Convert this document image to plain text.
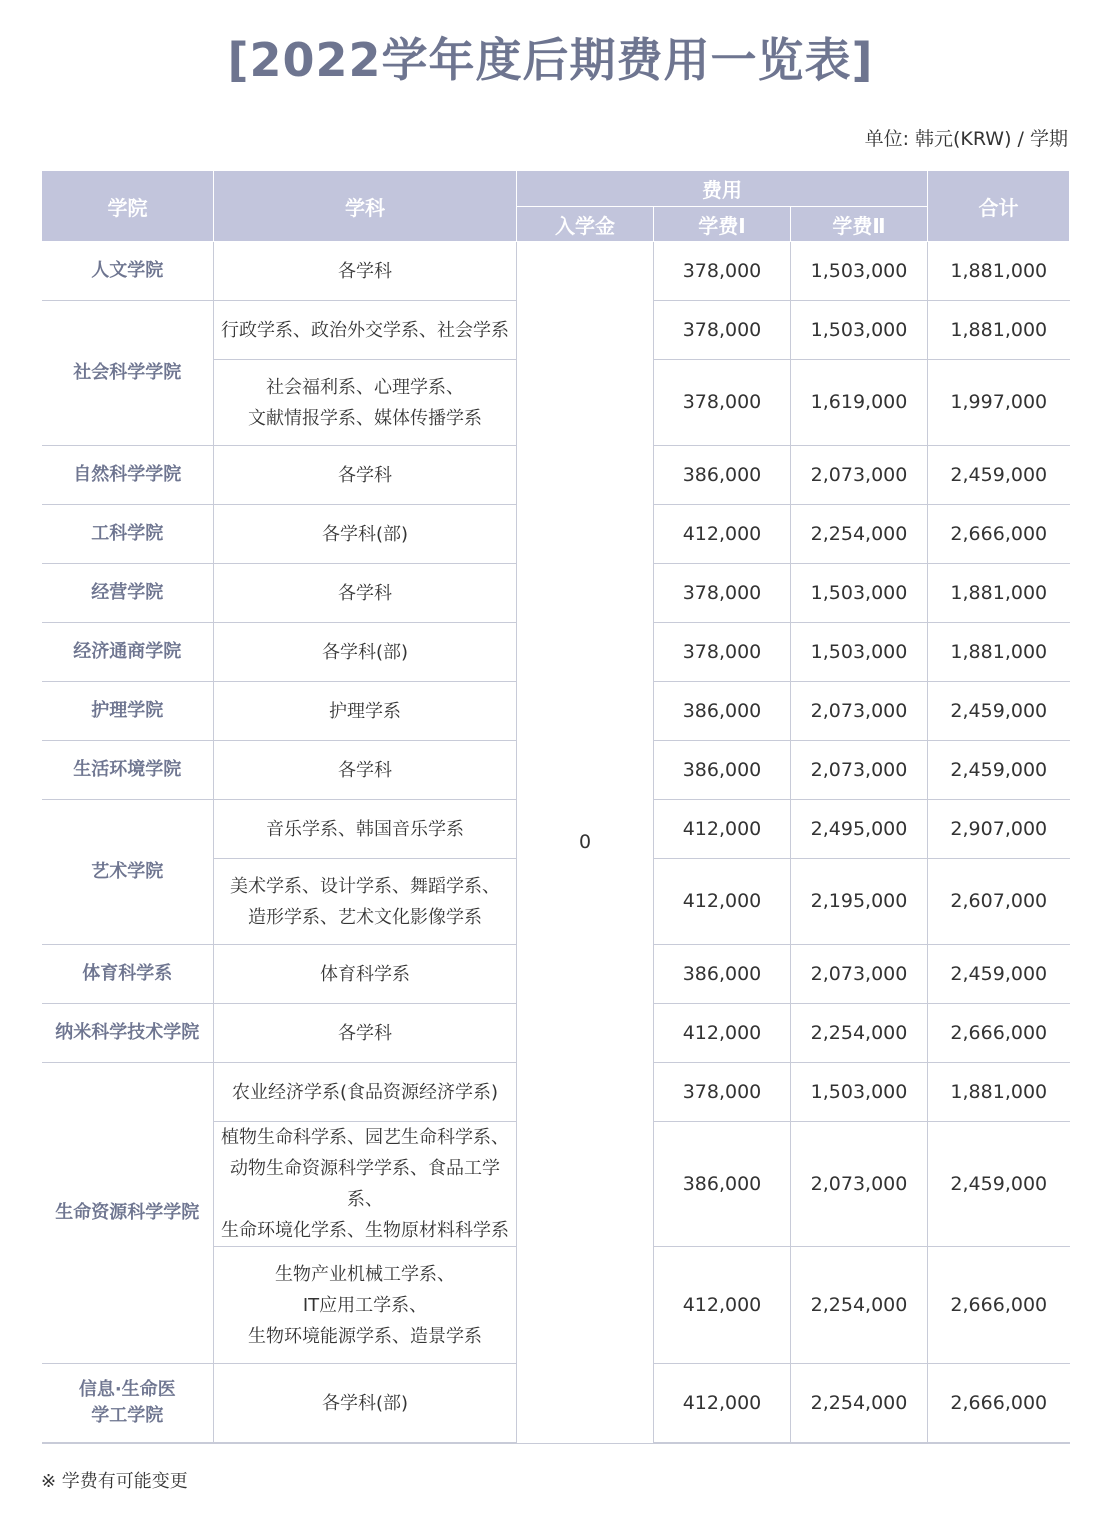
[2022学年度后期费用一览表]
单位: 韩元(KRW) / 学期
学院	学科	费用			合计
		入学金	学费Ⅰ	学费Ⅱ	
人文学院	各学科	0	378,000	1,503,000	1,881,000
社会科学学院	行政学系、政治外交学系、社会学系		378,000	1,503,000	1,881,000

	社会福利系、心理学系、
文献情报学系、媒体传播学系		378,000	1,619,000	1,997,000
自然科学学院	各学科		386,000	2,073,000	2,459,000
工科学院	各学科(部)		412,000	2,254,000	2,666,000
经营学院	各学科		378,000	1,503,000	1,881,000
经济通商学院	各学科(部)		378,000	1,503,000	1,881,000
护理学院	护理学系		386,000	2,073,000	2,459,000
生活环境学院	各学科		386,000	2,073,000	2,459,000
艺术学院	音乐学系、韩国音乐学系		412,000	2,495,000	2,907,000

	美术学系、设计学系、舞蹈学系、
造形学系、艺术文化影像学系		412,000	2,195,000	2,607,000
体育科学系	体育科学系		386,000	2,073,000	2,459,000
纳米科学技术学院	各学科		412,000	2,254,000	2,666,000
生命资源科学学院	农业经济学系(食品资源经济学系)		378,000	1,503,000	1,881,000

	植物生命科学系、园艺生命科学系、
动物生命资源科学学系、食品工学系、
生命环境化学系、生物原材料科学系		386,000	2,073,000	2,459,000

	生物产业机械工学系、
IT应用工学系、
生物环境能源学系、造景学系		412,000	2,254,000	2,666,000

信息·生命医
学工学院	各学科(部)		412,000	2,254,000	2,666,000
※ 学费有可能变更
